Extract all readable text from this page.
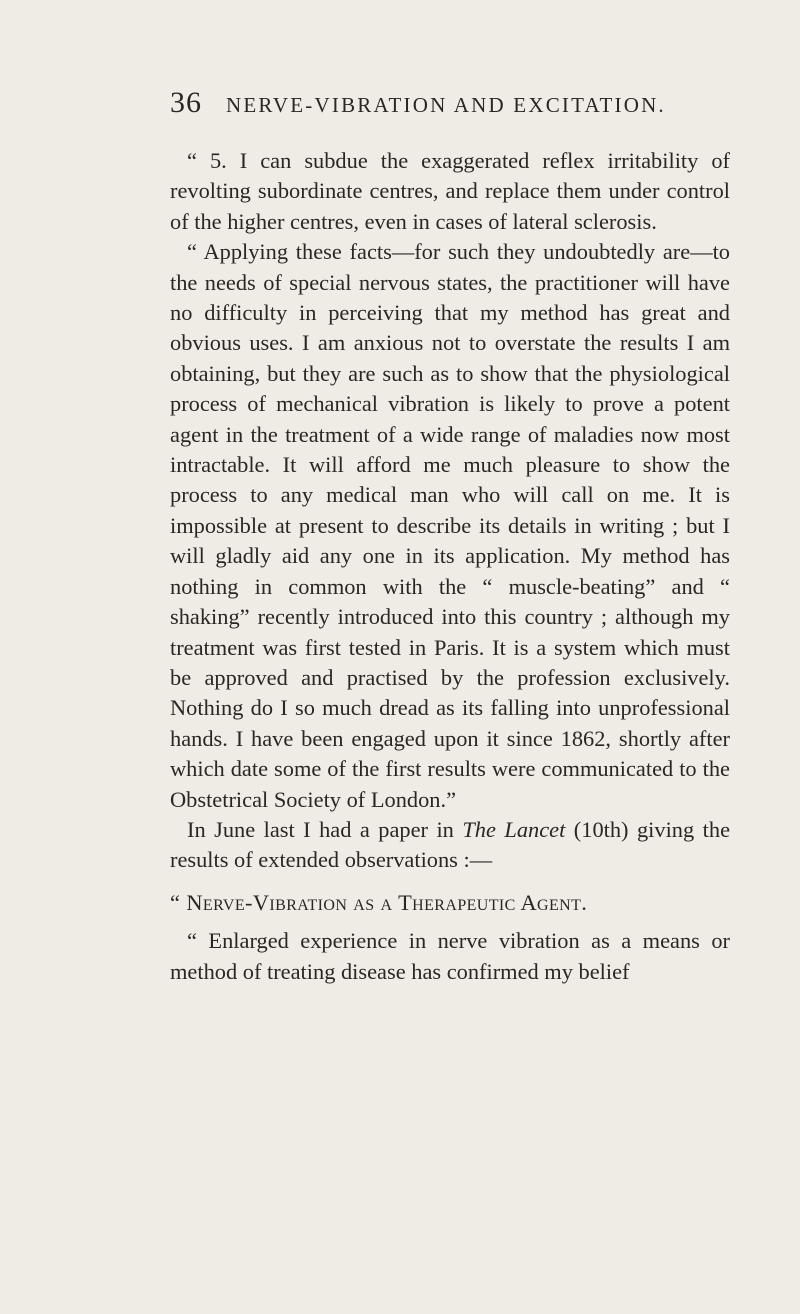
36	NERVE-VIBRATION AND EXCITATION.

“ 5. I can subdue the exaggerated reflex irritability of revolting subordinate centres, and replace them under control of the higher centres, even in cases of lateral sclerosis.

“ Applying these facts—for such they undoubtedly are—to the needs of special nervous states, the practitioner will have no difficulty in perceiving that my method has great and obvious uses. I am anxious not to overstate the results I am obtaining, but they are such as to show that the physiological process of mechanical vibration is likely to prove a potent agent in the treatment of a wide range of maladies now most intractable. It will afford me much pleasure to show the process to any medical man who will call on me. It is impossible at present to describe its details in writing ; but I will gladly aid any one in its application. My method has nothing in common with the “ muscle-beating” and “ shaking” recently introduced into this country ; although my treatment was first tested in Paris. It is a system which must be approved and practised by the profession exclusively. Nothing do I so much dread as its falling into unprofessional hands. I have been engaged upon it since 1862, shortly after which date some of the first results were communicated to the Obstetrical Society of London.”

In June last I had a paper in The Lancet (10th) giving the results of extended observations :—

“ Nerve-Vibration as a Therapeutic Agent.

“ Enlarged experience in nerve vibration as a means or method of treating disease has confirmed my belief
